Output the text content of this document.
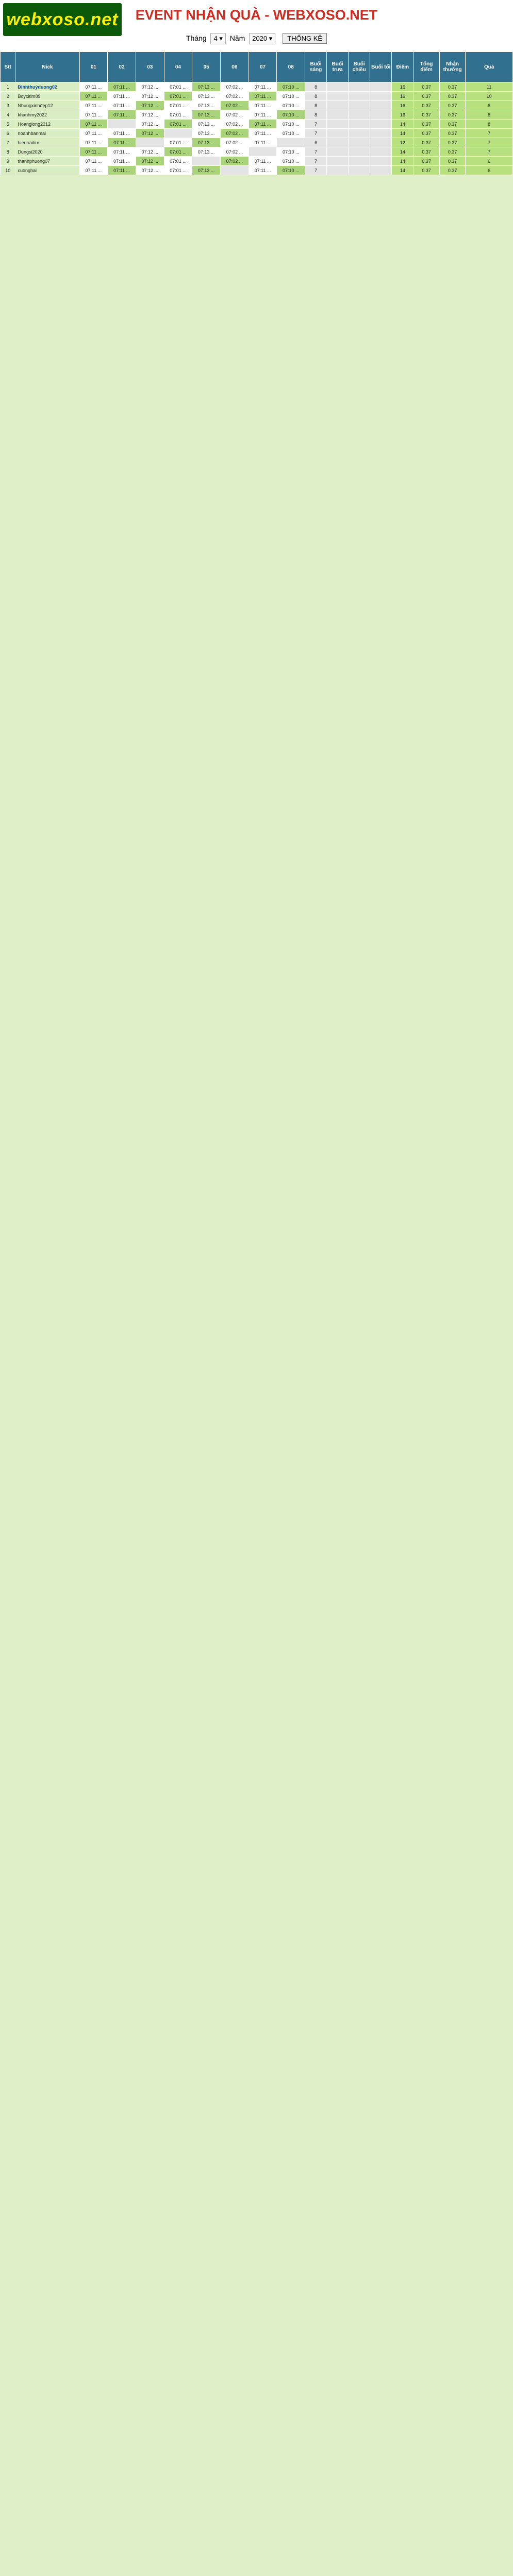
webxoso.net	EVENT NHẬN QUÀ - WEBXOSO.NET
Tháng 4 ▾ Năm 2020 ▾ THỐNG KÊ
Stt	Nick	01	02	03	04	05	06	07	08	Buổi sáng	Buổi trưa	Buổi chiều	Buổi tối	Điểm	Tổng điểm	Nhận thưởng	Quà
1	Đinhthuỷduong02	07:11 ...	07:11 ...	07:12 ...	07:01 ...	07:13 ...	07:02 ...	07:11 ...	07:10 ...	8				16	0.37	0.37	11
2	Boycitim89	07:11 ...	07:11 ...	07:12 ...	07:01 ...	07:13 ...	07:02 ...	07:11 ...	07:10 ...	8				16	0.37	0.37	10
3	Nhungxinhđẹp12	07:11 ...	07:11 ...	07:12 ...	07:01 ...	07:13 ...	07:02 ...	07:11 ...	07:10 ...	8				16	0.37	0.37	8
4	khanhmy2022	07:11 ...	07:11 ...	07:12 ...	07:01 ...	07:13 ...	07:02 ...	07:11 ...	07:10 ...	8				16	0.37	0.37	8
5	Hoanglong2212	07:11 ...		07:12 ...	07:01 ...	07:13 ...	07:02 ...	07:11 ...	07:10 ...	7				14	0.37	0.37	8
6	noanhbanmai	07:11 ...	07:11 ...	07:12 ...		07:13 ...	07:02 ...	07:11 ...	07:10 ...	7				14	0.37	0.37	7
7	hieutraitim	07:11 ...	07:11 ...		07:01 ...	07:13 ...	07:02 ...	07:11 ...		6				12	0.37	0.37	7
8	Dungsi2020	07:11 ...	07:11 ...	07:12 ...	07:01 ...	07:13 ...	07:02 ...		07:10 ...	7				14	0.37	0.37	7
9	thanhphuong07	07:11 ...	07:11 ...	07:12 ...	07:01 ...		07:02 ...	07:11 ...	07:10 ...	7				14	0.37	0.37	6
10	cuonghai	07:11 ...	07:11 ...	07:12 ...	07:01 ...	07:13 ...		07:11 ...	07:10 ...	7				14	0.37	0.37	6
